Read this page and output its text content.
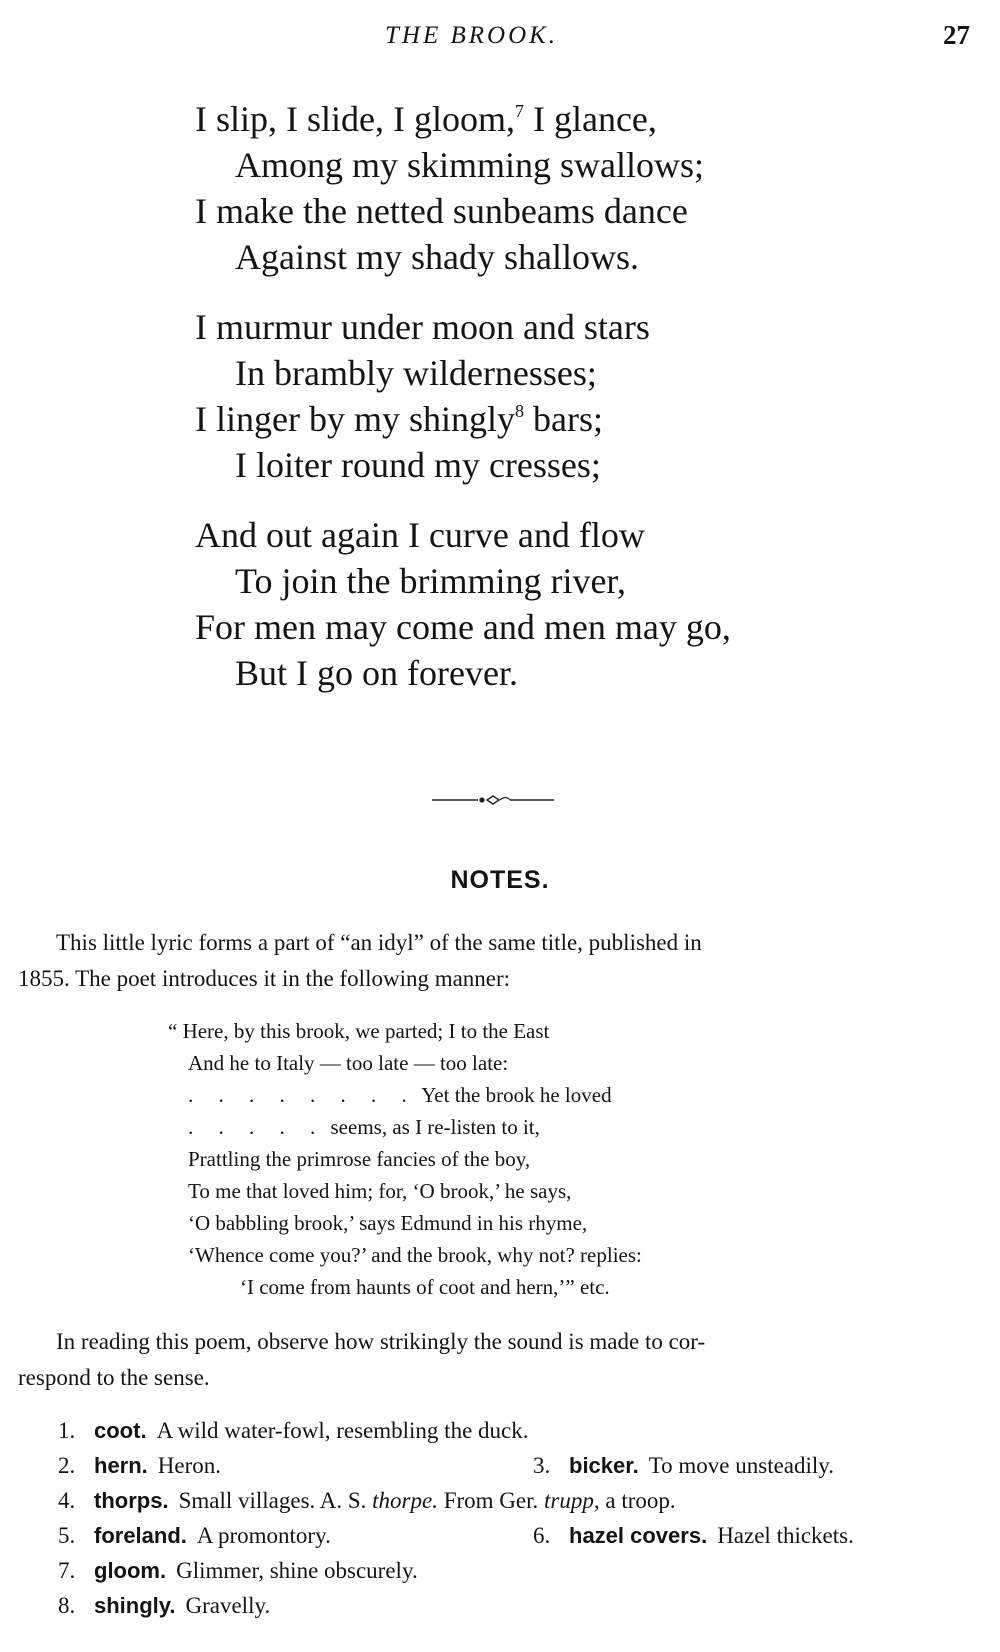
THE BROOK.	27
I slip, I slide, I gloom,$^7$ I glance,
Among my skimming swallows;
I make the netted sunbeams dance
Against my shady shallows.
I murmur under moon and stars
In brambly wildernesses;
I linger by my shingly$^8$ bars;
I loiter round my cresses;
And out again I curve and flow
To join the brimming river,
For men may come and men may go,
But I go on forever.
NOTES.
This little lyric forms a part of “an idyl” of the same title, published in
1855. The poet introduces it in the following manner:
“ Here, by this brook, we parted; I to the East
And he to Italy — too late — too late:
. . . . . . . . Yet the brook he loved
. . . . . seems, as I re-listen to it,
Prattling the primrose fancies of the boy,
To me that loved him; for, ‘O brook,’ he says,
‘O babbling brook,’ says Edmund in his rhyme,
‘Whence come you?’ and the brook, why not? replies:
‘I come from haunts of coot and hern,’” etc.
In reading this poem, observe how strikingly the sound is made to cor-
respond to the sense.
1. coot. A wild water-fowl, resembling the duck.
2. hern. Heron.	3. bicker. To move unsteadily.
4. thorps. Small villages. A. S. thorpe. From Ger. trupp, a troop.
5. foreland. A promontory.	6. hazel covers. Hazel thickets.
7. gloom. Glimmer, shine obscurely.
8. shingly. Gravelly.
